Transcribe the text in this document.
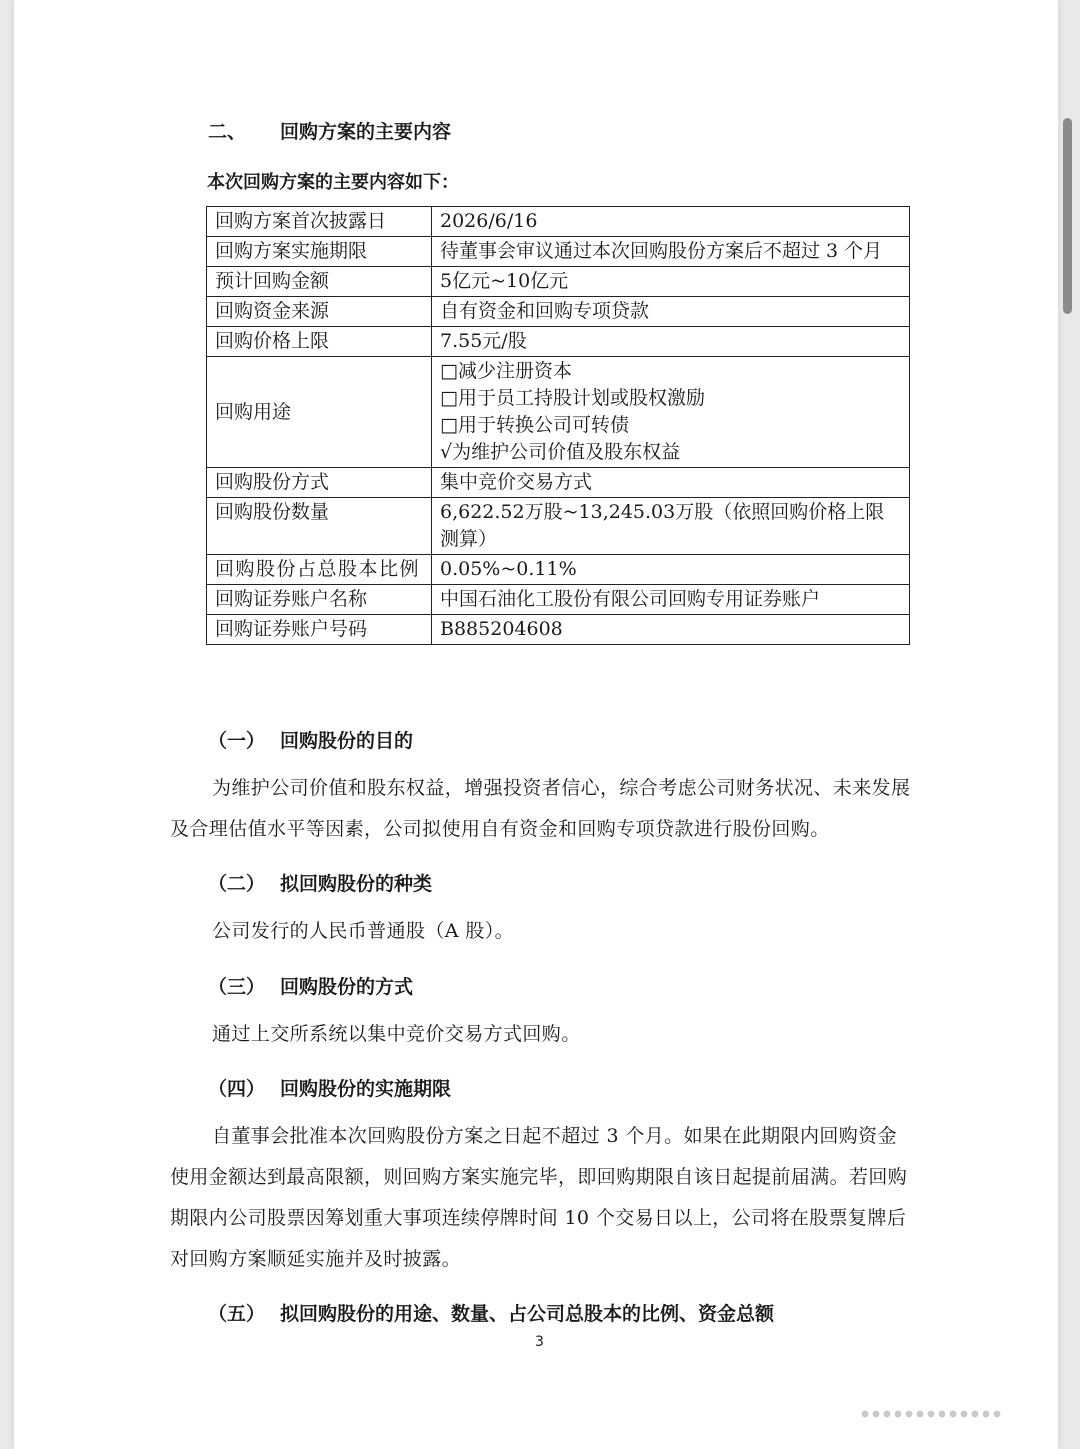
二、 回购方案的主要内容
本次回购方案的主要内容如下：
回购方案首次披露日	2026/6/16
回购方案实施期限	待董事会审议通过本次回购股份方案后不超过 3 个月
预计回购金额	5亿元~10亿元
回购资金来源	自有资金和回购专项贷款
回购价格上限	7.55元/股
回购用途	□减少注册资本
□用于员工持股计划或股权激励
□用于转换公司可转债
√为维护公司价值及股东权益

回购股份方式	集中竞价交易方式
回购股份数量	6,622.52万股~13,245.03万股（依照回购价格上限测算）
回购股份占总股本比例	0.05%~0.11%
回购证券账户名称	中国石油化工股份有限公司回购专用证券账户
回购证券账户号码	B885204608
（一） 回购股份的目的
为维护公司价值和股东权益，增强投资者信心，综合考虑公司财务状况、未来发展及合理估值水平等因素，公司拟使用自有资金和回购专项贷款进行股份回购。
（二） 拟回购股份的种类
公司发行的人民币普通股（A 股）。
（三） 回购股份的方式
通过上交所系统以集中竞价交易方式回购。
（四） 回购股份的实施期限
自董事会批准本次回购股份方案之日起不超过 3 个月。如果在此期限内回购资金使用金额达到最高限额，则回购方案实施完毕，即回购期限自该日起提前届满。若回购期限内公司股票因筹划重大事项连续停牌时间 10 个交易日以上，公司将在股票复牌后对回购方案顺延实施并及时披露。
（五） 拟回购股份的用途、数量、占公司总股本的比例、资金总额
3
